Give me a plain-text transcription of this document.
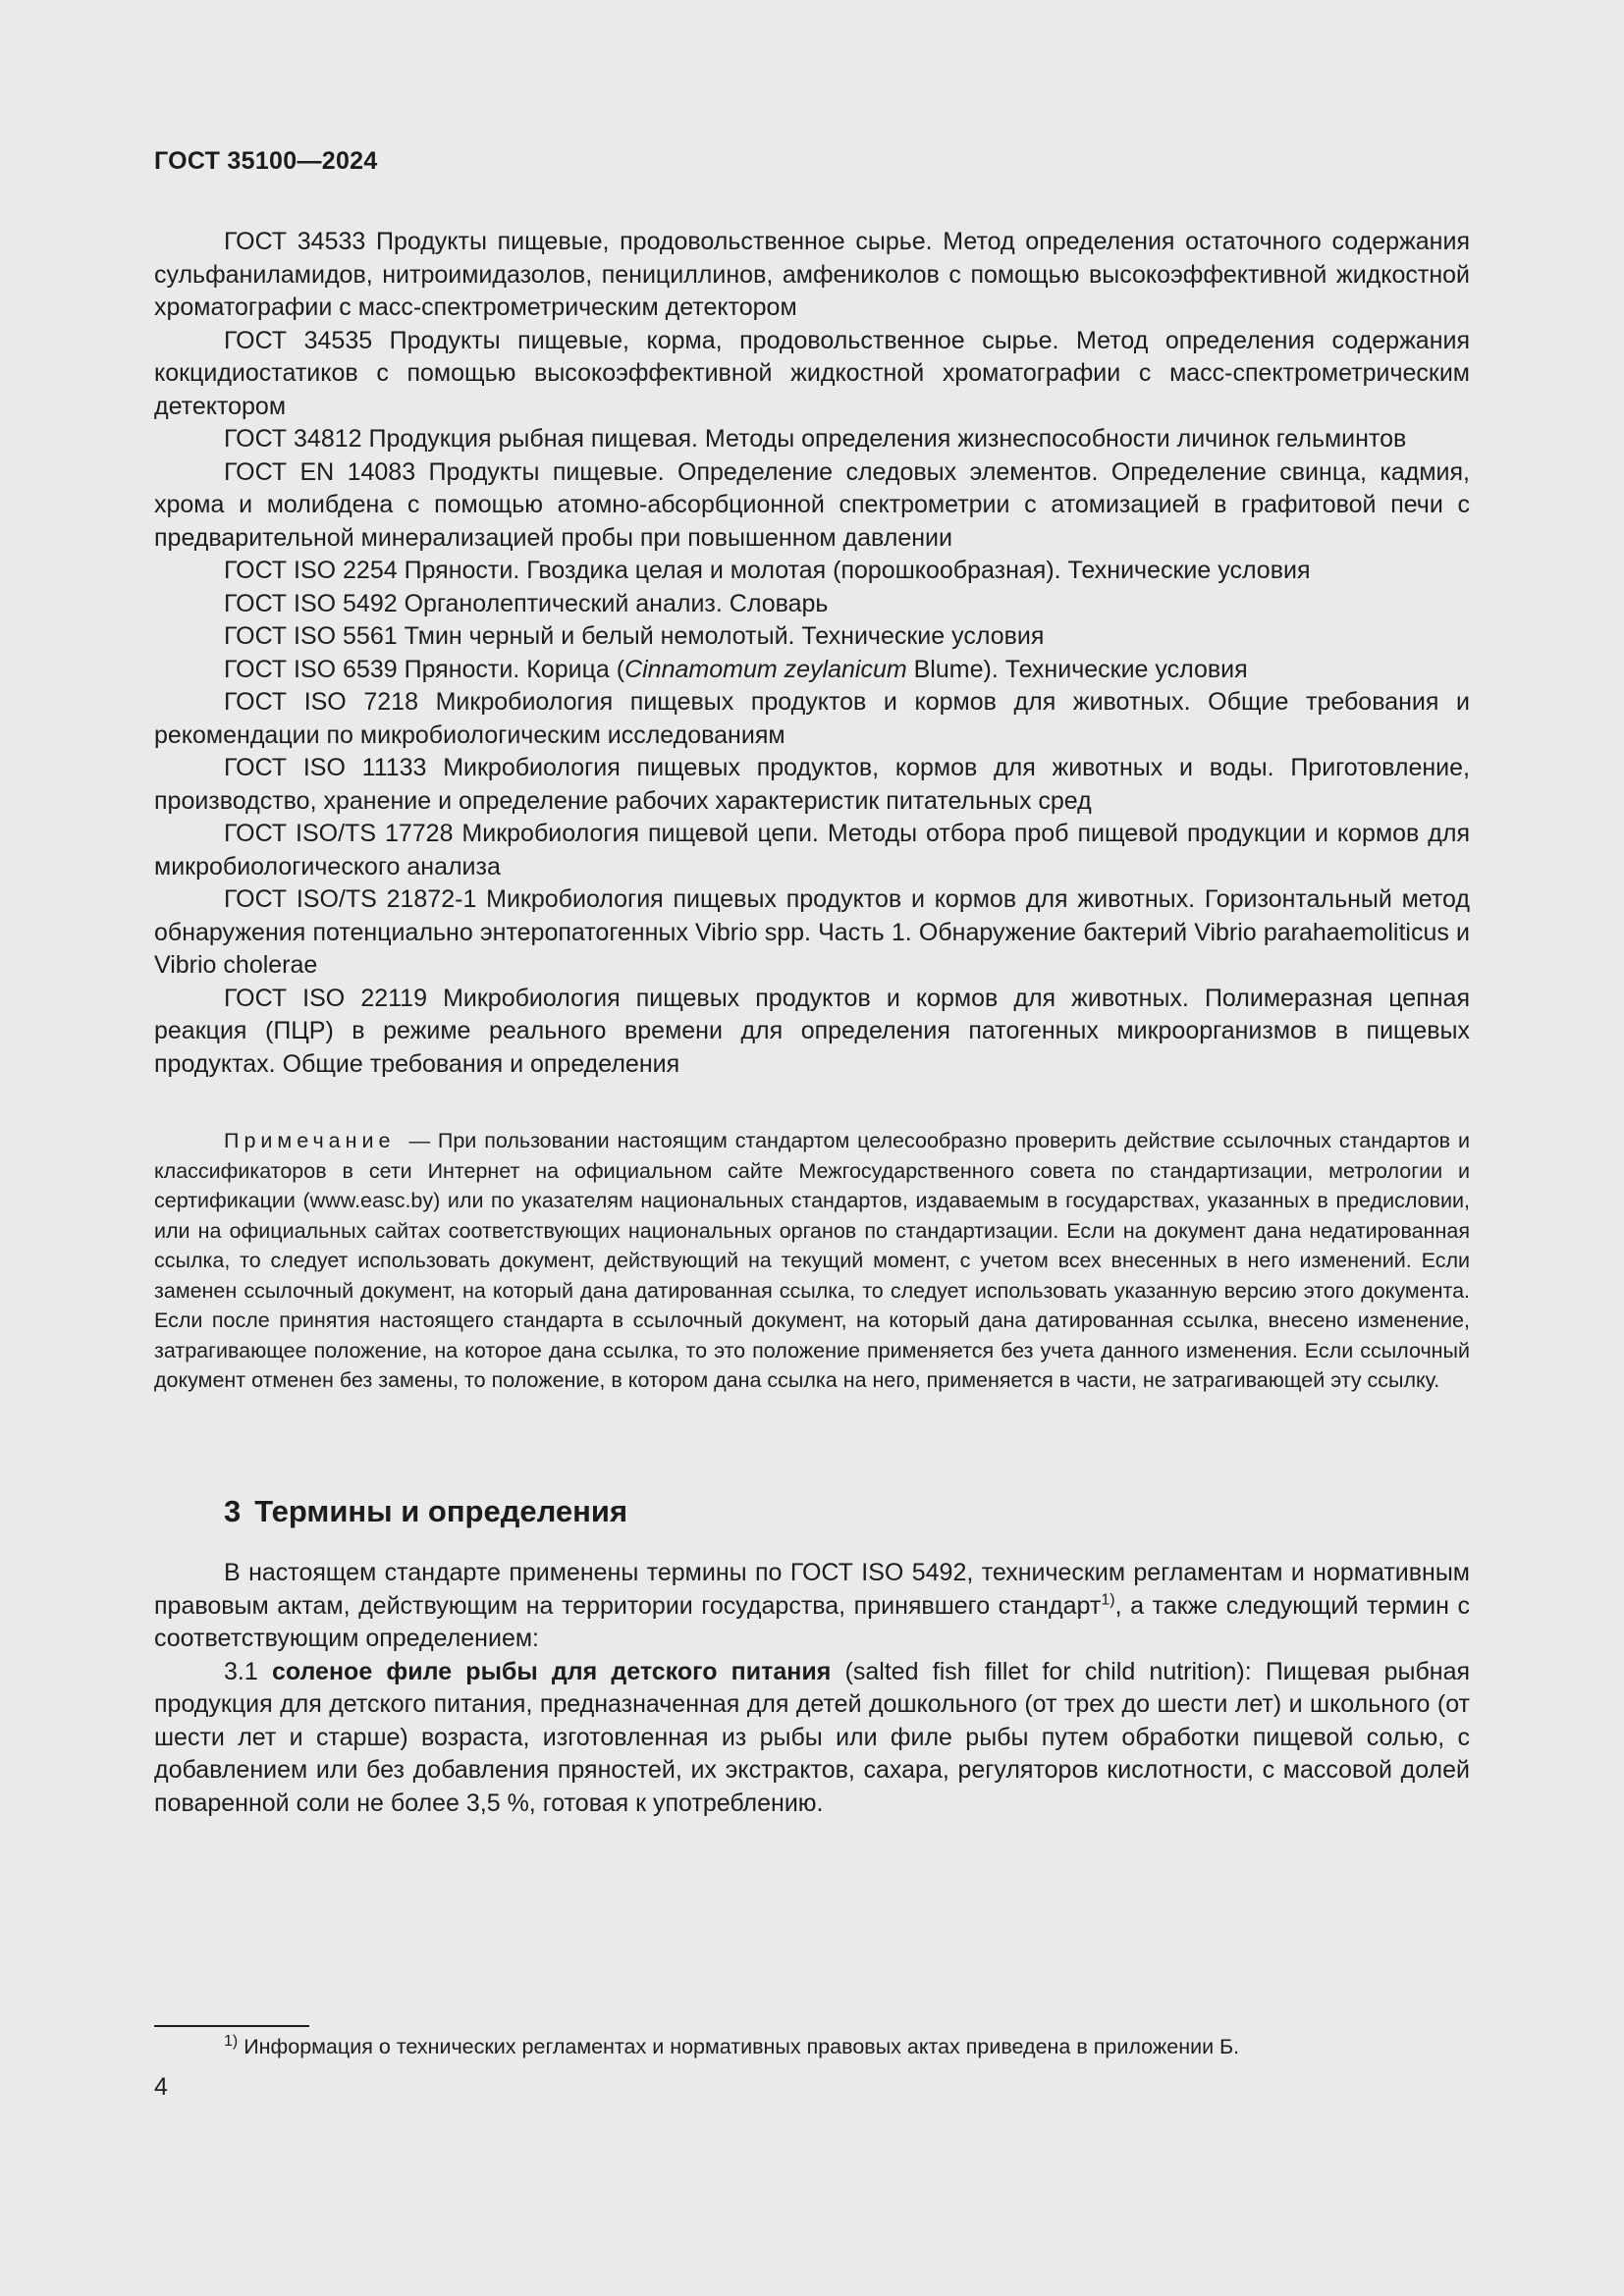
ГОСТ 35100—2024

ГОСТ 34533 Продукты пищевые, продовольственное сырье. Метод определения остаточного содержания сульфаниламидов, нитроимидазолов, пенициллинов, амфениколов с помощью высокоэффективной жидкостной хроматографии с масс-спектрометрическим детектором

ГОСТ 34535 Продукты пищевые, корма, продовольственное сырье. Метод определения содержания кокцидиостатиков с помощью высокоэффективной жидкостной хроматографии с масс-спектрометрическим детектором

ГОСТ 34812 Продукция рыбная пищевая. Методы определения жизнеспособности личинок гельминтов

ГОСТ EN 14083 Продукты пищевые. Определение следовых элементов. Определение свинца, кадмия, хрома и молибдена с помощью атомно-абсорбционной спектрометрии с атомизацией в графитовой печи с предварительной минерализацией пробы при повышенном давлении

ГОСТ ISO 2254 Пряности. Гвоздика целая и молотая (порошкообразная). Технические условия

ГОСТ ISO 5492 Органолептический анализ. Словарь

ГОСТ ISO 5561 Тмин черный и белый немолотый. Технические условия

ГОСТ ISO 6539 Пряности. Корица (Cinnamomum zeylanicum Blume). Технические условия

ГОСТ ISO 7218 Микробиология пищевых продуктов и кормов для животных. Общие требования и рекомендации по микробиологическим исследованиям

ГОСТ ISO 11133 Микробиология пищевых продуктов, кормов для животных и воды. Приготовление, производство, хранение и определение рабочих характеристик питательных сред

ГОСТ ISO/TS 17728 Микробиология пищевой цепи. Методы отбора проб пищевой продукции и кормов для микробиологического анализа

ГОСТ ISO/TS 21872-1 Микробиология пищевых продуктов и кормов для животных. Горизонтальный метод обнаружения потенциально энтеропатогенных Vibrio spp. Часть 1. Обнаружение бактерий Vibrio parahaemoliticus и Vibrio cholerae

ГОСТ ISO 22119 Микробиология пищевых продуктов и кормов для животных. Полимеразная цепная реакция (ПЦР) в режиме реального времени для определения патогенных микроорганизмов в пищевых продуктах. Общие требования и определения

Примечание — При пользовании настоящим стандартом целесообразно проверить действие ссылочных стандартов и классификаторов в сети Интернет на официальном сайте Межгосударственного совета по стандартизации, метрологии и сертификации (www.easc.by) или по указателям национальных стандартов, издаваемым в государствах, указанных в предисловии, или на официальных сайтах соответствующих национальных органов по стандартизации. Если на документ дана недатированная ссылка, то следует использовать документ, действующий на текущий момент, с учетом всех внесенных в него изменений. Если заменен ссылочный документ, на который дана датированная ссылка, то следует использовать указанную версию этого документа. Если после принятия настоящего стандарта в ссылочный документ, на который дана датированная ссылка, внесено изменение, затрагивающее положение, на которое дана ссылка, то это положение применяется без учета данного изменения. Если ссылочный документ отменен без замены, то положение, в котором дана ссылка на него, применяется в части, не затрагивающей эту ссылку.

3 Термины и определения

В настоящем стандарте применены термины по ГОСТ ISO 5492, техническим регламентам и нормативным правовым актам, действующим на территории государства, принявшего стандарт$^{1)}$, а также следующий термин с соответствующим определением:

3.1 соленое филе рыбы для детского питания (salted fish fillet for child nutrition): Пищевая рыбная продукция для детского питания, предназначенная для детей дошкольного (от трех до шести лет) и школьного (от шести лет и старше) возраста, изготовленная из рыбы или филе рыбы путем обработки пищевой солью, с добавлением или без добавления пряностей, их экстрактов, сахара, регуляторов кислотности, с массовой долей поваренной соли не более 3,5 %, готовая к употреблению.

$^{1)}$ Информация о технических регламентах и нормативных правовых актах приведена в приложении Б.

4
